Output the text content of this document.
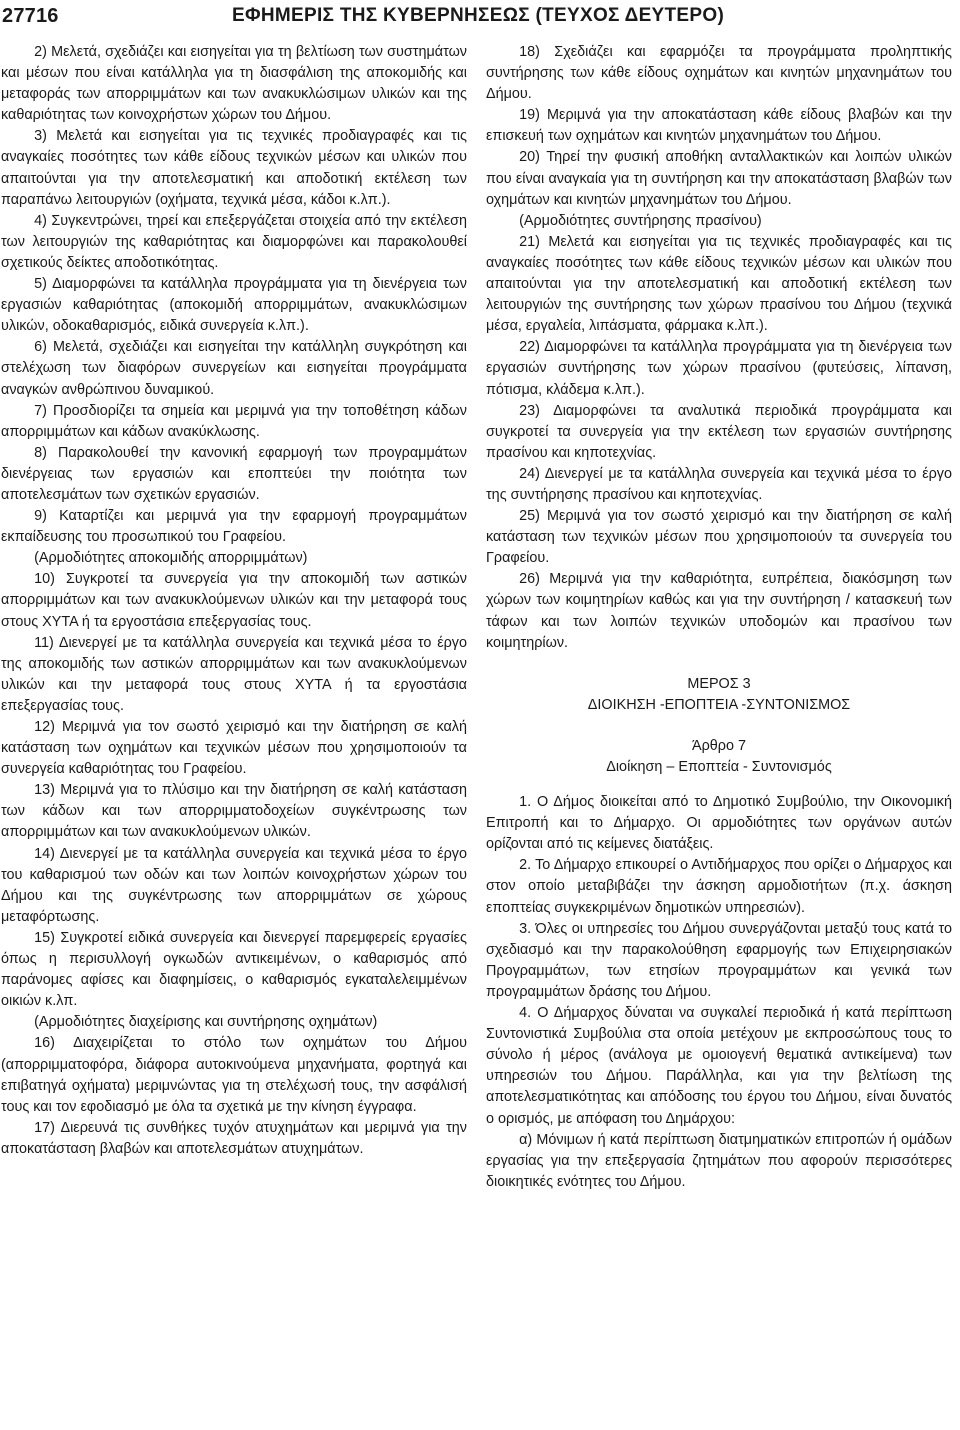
27716	ΕΦΗΜΕΡΙΣ ΤΗΣ ΚΥΒΕΡΝΗΣΕΩΣ (ΤΕΥΧΟΣ ΔΕΥΤΕΡΟ)

2) Μελετά, σχεδιάζει και εισηγείται για τη βελτίωση των συστημάτων και μέσων που είναι κατάλληλα για τη διασφάλιση της αποκομιδής και μεταφοράς των απορριμμάτων και των ανακυκλώσιμων υλικών και της καθαριότητας των κοινοχρήστων χώρων του Δήμου.

3) Μελετά και εισηγείται για τις τεχνικές προδιαγραφές και τις αναγκαίες ποσότητες των κάθε είδους τεχνικών μέσων και υλικών που απαιτούνται για την αποτελεσματική και αποδοτική εκτέλεση των παραπάνω λειτουργιών (οχήματα, τεχνικά μέσα, κάδοι κ.λπ.).

4) Συγκεντρώνει, τηρεί και επεξεργάζεται στοιχεία από την εκτέλεση των λειτουργιών της καθαριότητας και διαμορφώνει και παρακολουθεί σχετικούς δείκτες αποδοτικότητας.

5) Διαμορφώνει τα κατάλληλα προγράμματα για τη διενέργεια των εργασιών καθαριότητας (αποκομιδή απορριμμάτων, ανακυκλώσιμων υλικών, οδοκαθαρισμός, ειδικά συνεργεία κ.λπ.).

6) Μελετά, σχεδιάζει και εισηγείται την κατάλληλη συγκρότηση και στελέχωση των διαφόρων συνεργείων και εισηγείται προγράμματα αναγκών ανθρώπινου δυναμικού.

7) Προσδιορίζει τα σημεία και μεριμνά για την τοποθέτηση κάδων απορριμμάτων και κάδων ανακύκλωσης.

8) Παρακολουθεί την κανονική εφαρμογή των προγραμμάτων διενέργειας των εργασιών και εποπτεύει την ποιότητα των αποτελεσμάτων των σχετικών εργασιών.

9) Καταρτίζει και μεριμνά για την εφαρμογή προγραμμάτων εκπαίδευσης του προσωπικού του Γραφείου.

(Αρμοδιότητες αποκομιδής απορριμμάτων)

10) Συγκροτεί τα συνεργεία για την αποκομιδή των αστικών απορριμμάτων και των ανακυκλούμενων υλικών και την μεταφορά τους στους ΧΥΤΑ ή τα εργοστάσια επεξεργασίας τους.

11) Διενεργεί με τα κατάλληλα συνεργεία και τεχνικά μέσα το έργο της αποκομιδής των αστικών απορριμμάτων και των ανακυκλούμενων υλικών και την μεταφορά τους στους ΧΥΤΑ ή τα εργοστάσια επεξεργασίας τους.

12) Μεριμνά για τον σωστό χειρισμό και την διατήρηση σε καλή κατάσταση των οχημάτων και τεχνικών μέσων που χρησιμοποιούν τα συνεργεία καθαριότητας του Γραφείου.

13) Μεριμνά για το πλύσιμο και την διατήρηση σε καλή κατάσταση των κάδων και των απορριμματοδοχείων συγκέντρωσης των απορριμμάτων και των ανακυκλούμενων υλικών.

14) Διενεργεί με τα κατάλληλα συνεργεία και τεχνικά μέσα το έργο του καθαρισμού των οδών και των λοιπών κοινοχρήστων χώρων του Δήμου και της συγκέντρωσης των απορριμμάτων σε χώρους μεταφόρτωσης.

15) Συγκροτεί ειδικά συνεργεία και διενεργεί παρεμφερείς εργασίες όπως η περισυλλογή ογκωδών αντικειμένων, ο καθαρισμός από παράνομες αφίσες και διαφημίσεις, ο καθαρισμός εγκαταλελειμμένων οικιών κ.λπ.

(Αρμοδιότητες διαχείρισης και συντήρησης οχημάτων)

16) Διαχειρίζεται το στόλο των οχημάτων του Δήμου (απορριμματοφόρα, διάφορα αυτοκινούμενα μηχανήματα, φορτηγά και επιβατηγά οχήματα) μεριμνώντας για τη στελέχωσή τους, την ασφάλισή τους και τον εφοδιασμό με όλα τα σχετικά με την κίνηση έγγραφα.

17) Διερευνά τις συνθήκες τυχόν ατυχημάτων και μεριμνά για την αποκατάσταση βλαβών και αποτελεσμάτων ατυχημάτων.

18) Σχεδιάζει και εφαρμόζει τα προγράμματα προληπτικής συντήρησης των κάθε είδους οχημάτων και κινητών μηχανημάτων του Δήμου.

19) Μεριμνά για την αποκατάσταση κάθε είδους βλαβών και την επισκευή των οχημάτων και κινητών μηχανημάτων του Δήμου.

20) Τηρεί την φυσική αποθήκη ανταλλακτικών και λοιπών υλικών που είναι αναγκαία για τη συντήρηση και την αποκατάσταση βλαβών των οχημάτων και κινητών μηχανημάτων του Δήμου.

(Αρμοδιότητες συντήρησης πρασίνου)

21) Μελετά και εισηγείται για τις τεχνικές προδιαγραφές και τις αναγκαίες ποσότητες των κάθε είδους τεχνικών μέσων και υλικών που απαιτούνται για την αποτελεσματική και αποδοτική εκτέλεση των λειτουργιών της συντήρησης των χώρων πρασίνου του Δήμου (τεχνικά μέσα, εργαλεία, λιπάσματα, φάρμακα κ.λπ.).

22) Διαμορφώνει τα κατάλληλα προγράμματα για τη διενέργεια των εργασιών συντήρησης των χώρων πρασίνου (φυτεύσεις, λίπανση, πότισμα, κλάδεμα κ.λπ.).

23) Διαμορφώνει τα αναλυτικά περιοδικά προγράμματα και συγκροτεί τα συνεργεία για την εκτέλεση των εργασιών συντήρησης πρασίνου και κηποτεχνίας.

24) Διενεργεί με τα κατάλληλα συνεργεία και τεχνικά μέσα το έργο της συντήρησης πρασίνου και κηποτεχνίας.

25) Μεριμνά για τον σωστό χειρισμό και την διατήρηση σε καλή κατάσταση των τεχνικών μέσων που χρησιμοποιούν τα συνεργεία του Γραφείου.

26) Μεριμνά για την καθαριότητα, ευπρέπεια, διακόσμηση των χώρων των κοιμητηρίων καθώς και για την συντήρηση / κατασκευή των τάφων και των λοιπών τεχνικών υποδομών και πρασίνου των κοιμητηρίων.

ΜΕΡΟΣ 3

ΔΙΟΙΚΗΣΗ -ΕΠΟΠΤΕΙΑ -ΣΥΝΤΟΝΙΣΜΟΣ

Άρθρο 7

Διοίκηση – Εποπτεία - Συντονισμός

1. Ο Δήμος διοικείται από το Δημοτικό Συμβούλιο, την Οικονομική Επιτροπή και το Δήμαρχο. Οι αρμοδιότητες των οργάνων αυτών ορίζονται από τις κείμενες διατάξεις.

2. Το Δήμαρχο επικουρεί ο Αντιδήμαρχος που ορίζει ο Δήμαρχος και στον οποίο μεταβιβάζει την άσκηση αρμοδιοτήτων (π.χ. άσκηση εποπτείας συγκεκριμένων δημοτικών υπηρεσιών).

3. Όλες οι υπηρεσίες του Δήμου συνεργάζονται μεταξύ τους κατά το σχεδιασμό και την παρακολούθηση εφαρμογής των Επιχειρησιακών Προγραμμάτων, των ετησίων προγραμμάτων και γενικά των προγραμμάτων δράσης του Δήμου.

4. Ο Δήμαρχος δύναται να συγκαλεί περιοδικά ή κατά περίπτωση Συντονιστικά Συμβούλια στα οποία μετέχουν με εκπροσώπους τους το σύνολο ή μέρος (ανάλογα με ομοιογενή θεματικά αντικείμενα) των υπηρεσιών του Δήμου. Παράλληλα, και για την βελτίωση της αποτελεσματικότητας και απόδοσης του έργου του Δήμου, είναι δυνατός ο ορισμός, με απόφαση του Δημάρχου:

α) Μόνιμων ή κατά περίπτωση διατμηματικών επιτροπών ή ομάδων εργασίας για την επεξεργασία ζητημάτων που αφορούν περισσότερες διοικητικές ενότητες του Δήμου.
